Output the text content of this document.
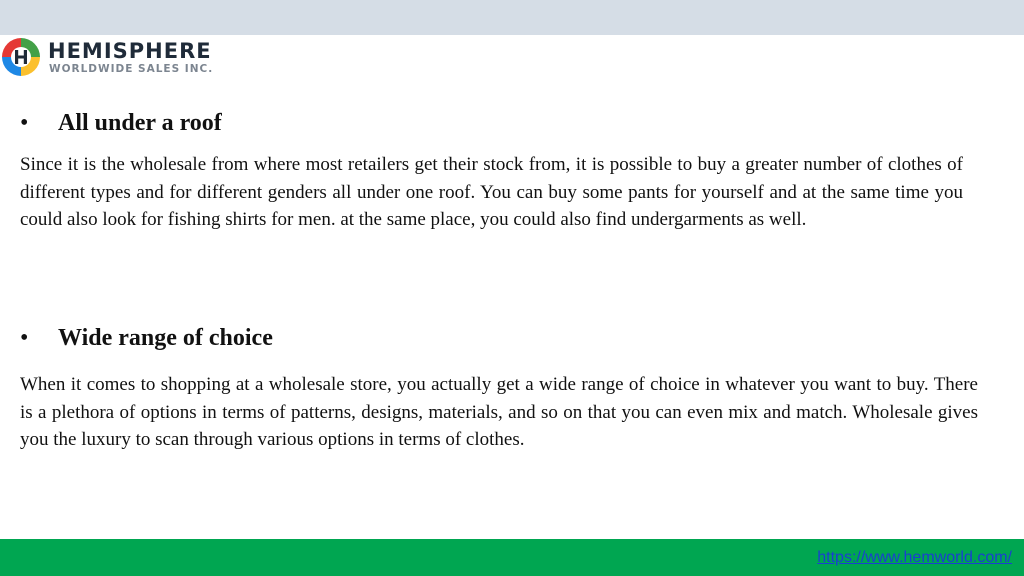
HEMISPHERE
WORLDWIDE SALES INC.
• All under a roof
Since it is the wholesale from where most retailers get their stock from, it is possible to buy a greater number of clothes of different types and for different genders all under one roof. You can buy some pants for yourself and at the same time you could also look for fishing shirts for men. at the same place, you could also find undergarments as well.
• Wide range of choice
When it comes to shopping at a wholesale store, you actually get a wide range of choice in whatever you want to buy. There is a plethora of options in terms of patterns, designs, materials, and so on that you can even mix and match. Wholesale gives you the luxury to scan through various options in terms of clothes.
https://www.hemworld.com/
